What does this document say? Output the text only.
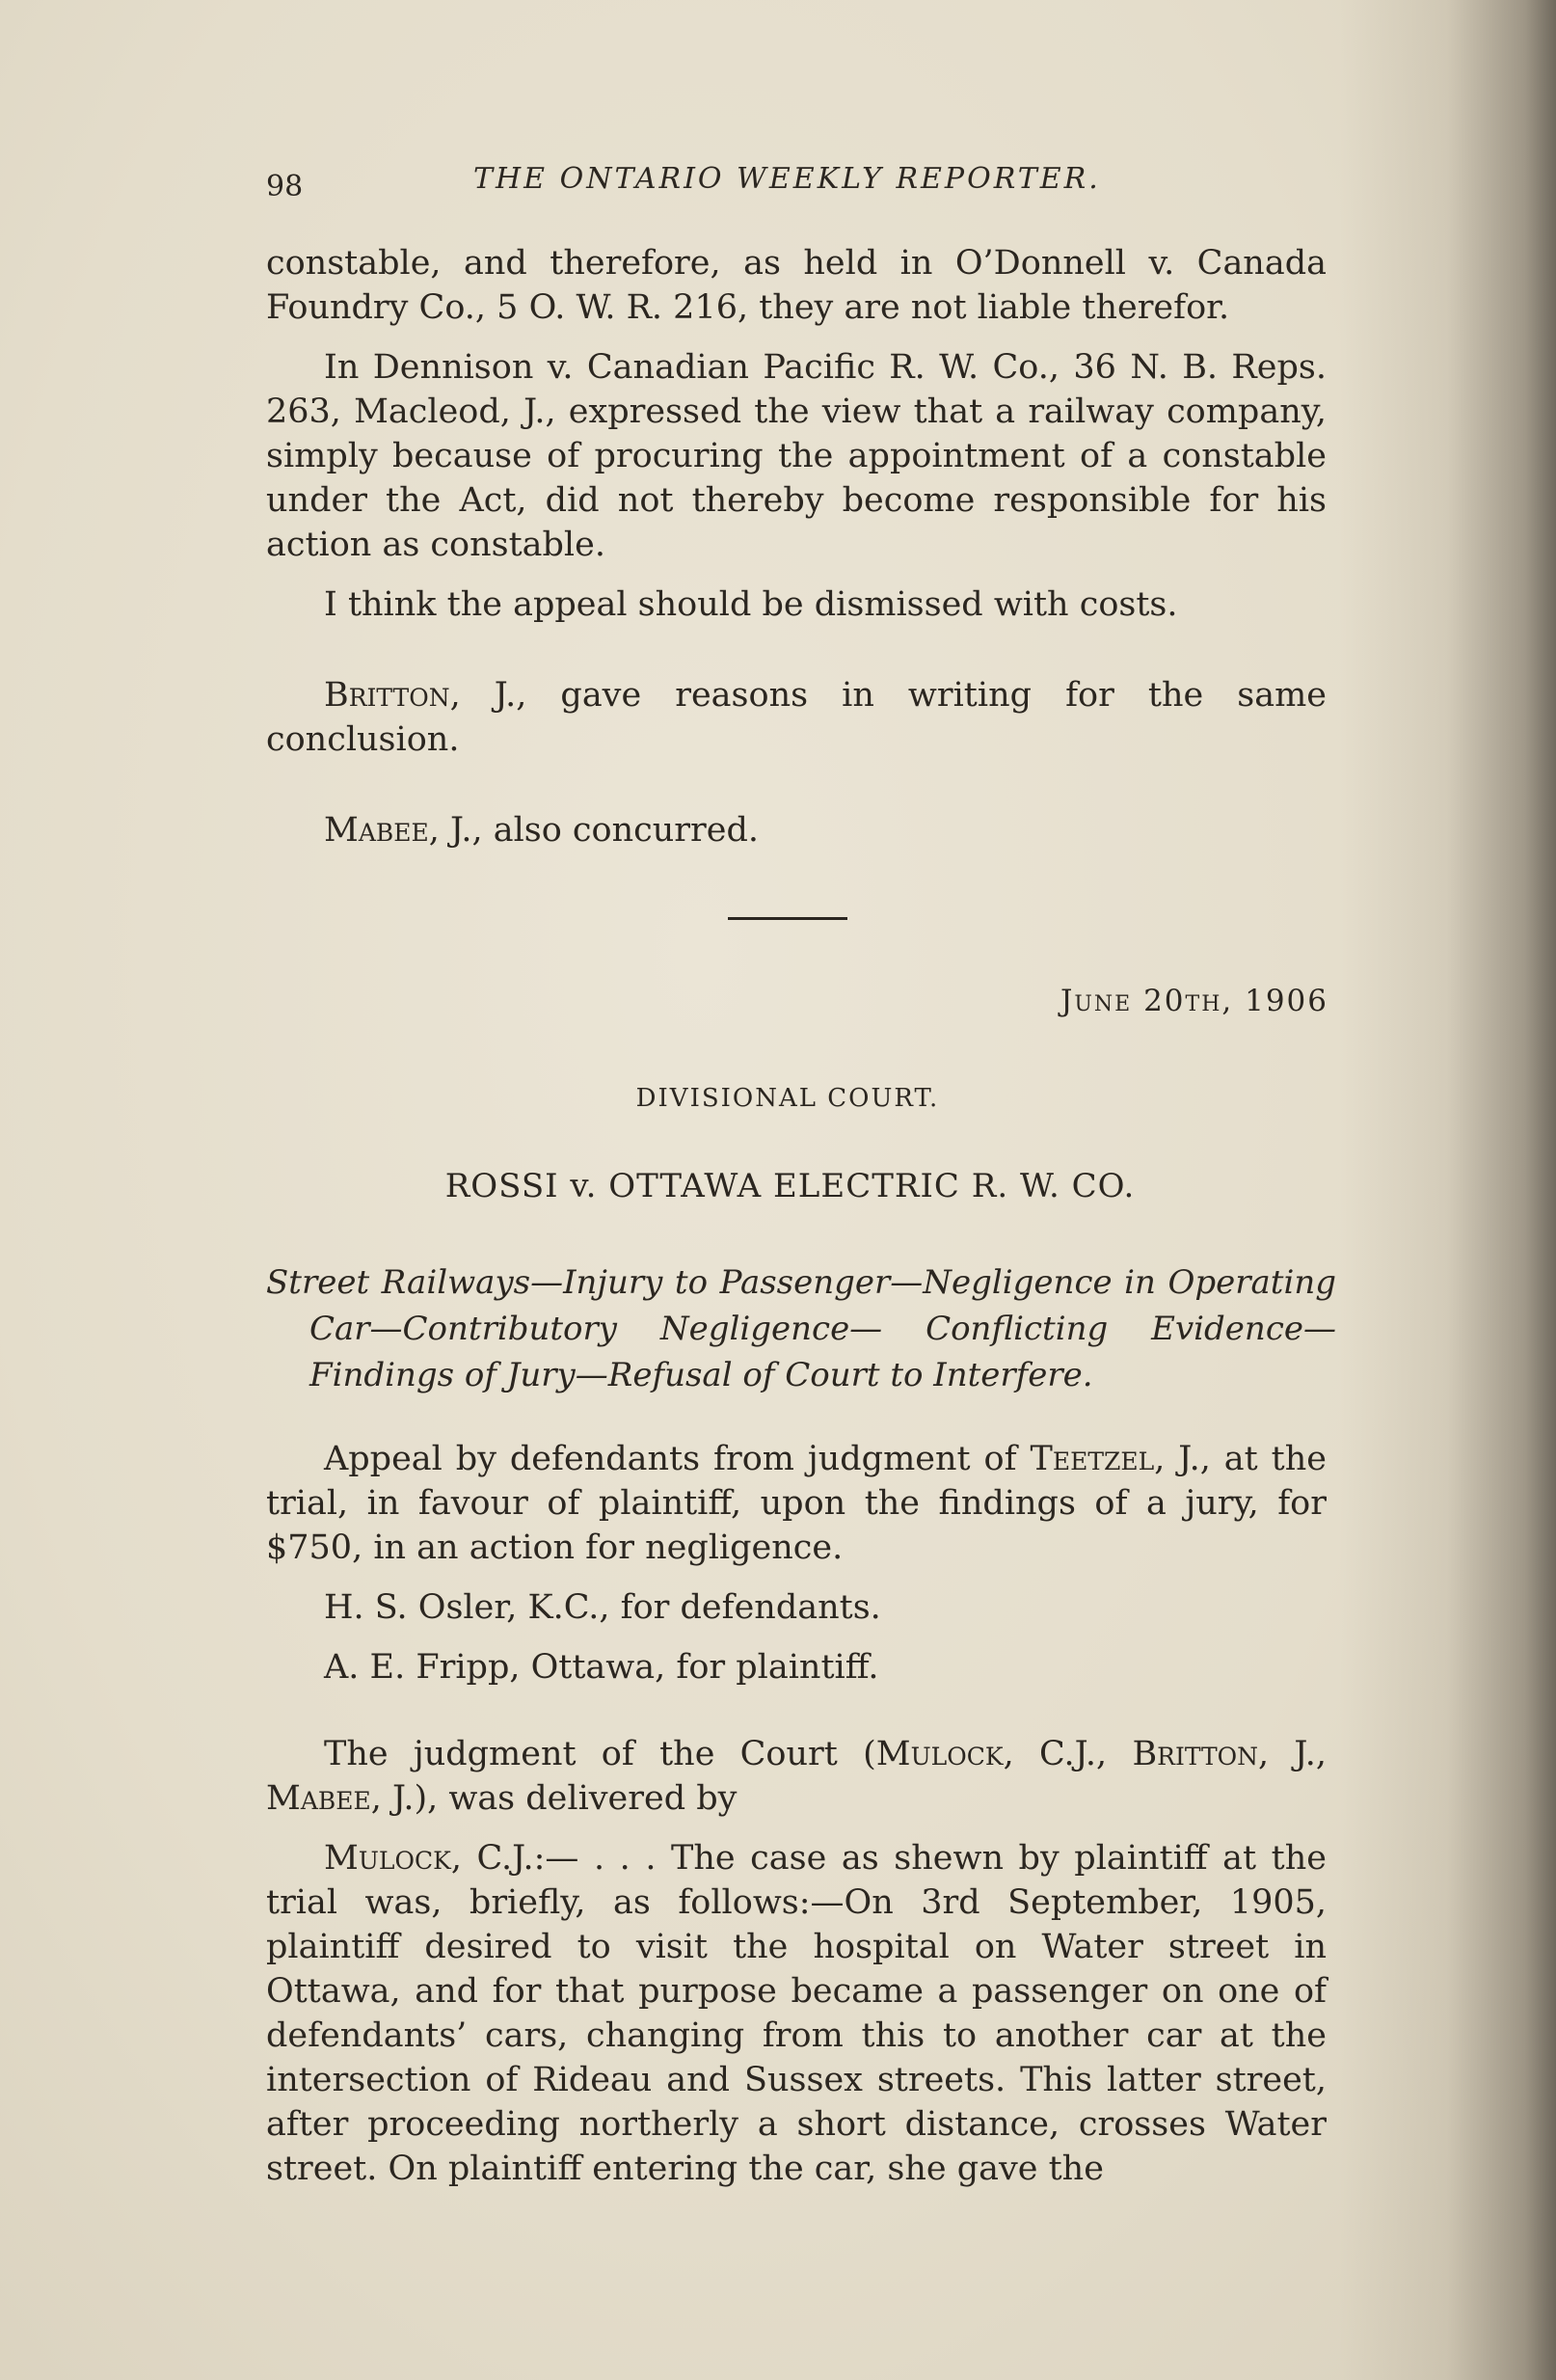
98	THE ONTARIO WEEKLY REPORTER.

constable, and therefore, as held in O’Donnell v. Canada Foundry Co., 5 O. W. R. 216, they are not liable therefor.

In Dennison v. Canadian Pacific R. W. Co., 36 N. B. Reps. 263, Macleod, J., expressed the view that a railway company, simply because of procuring the appointment of a constable under the Act, did not thereby become responsible for his action as constable.

I think the appeal should be dismissed with costs.

Britton, J., gave reasons in writing for the same conclusion.

Mabee, J., also concurred.

June 20th, 1906
DIVISIONAL COURT.
ROSSI v. OTTAWA ELECTRIC R. W. CO.
Street Railways—Injury to Passenger—Negligence in Operating Car—Contributory Negligence— Conflicting Evidence—Findings of Jury—Refusal of Court to Interfere.

Appeal by defendants from judgment of Teetzel, J., at the trial, in favour of plaintiff, upon the findings of a jury, for $750, in an action for negligence.

H. S. Osler, K.C., for defendants.

A. E. Fripp, Ottawa, for plaintiff.

The judgment of the Court (Mulock, C.J., Britton, J., Mabee, J.), was delivered by

Mulock, C.J.:— . . . The case as shewn by plaintiff at the trial was, briefly, as follows:—On 3rd September, 1905, plaintiff desired to visit the hospital on Water street in Ottawa, and for that purpose became a passenger on one of defendants’ cars, changing from this to another car at the intersection of Rideau and Sussex streets. This latter street, after proceeding northerly a short distance, crosses Water street. On plaintiff entering the car, she gave the
